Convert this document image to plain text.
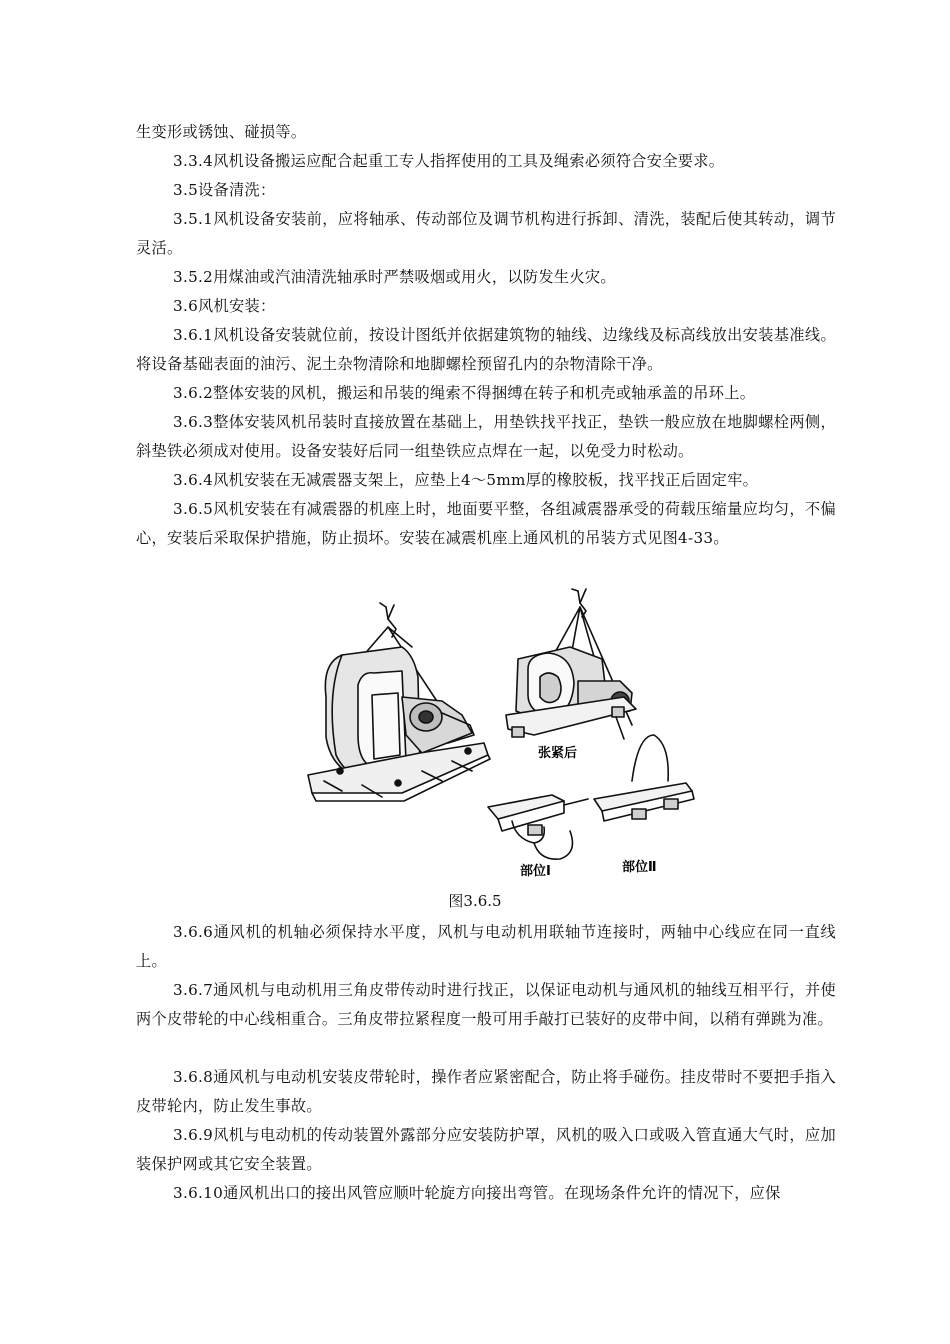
生变形或锈蚀、碰损等。
3.3.4风机设备搬运应配合起重工专人指挥使用的工具及绳索必须符合安全要求。
3.5设备清洗：
3.5.1风机设备安装前，应将轴承、传动部位及调节机构进行拆卸、清洗，装配后使其转动，调节灵活。
3.5.2用煤油或汽油清洗轴承时严禁吸烟或用火，以防发生火灾。
3.6风机安装：
3.6.1风机设备安装就位前，按设计图纸并依据建筑物的轴线、边缘线及标高线放出安装基准线。将设备基础表面的油污、泥土杂物清除和地脚螺栓预留孔内的杂物清除干净。
3.6.2整体安装的风机，搬运和吊装的绳索不得捆缚在转子和机壳或轴承盖的吊环上。
3.6.3整体安装风机吊装时直接放置在基础上，用垫铁找平找正，垫铁一般应放在地脚螺栓两侧，斜垫铁必须成对使用。设备安装好后同一组垫铁应点焊在一起，以免受力时松动。
3.6.4风机安装在无减震器支架上，应垫上4～5mm厚的橡胶板，找平找正后固定牢。
3.6.5风机安装在有减震器的机座上时，地面要平整，各组减震器承受的荷载压缩量应均匀，不偏心，安装后采取保护措施，防止损坏。安装在减震机座上通风机的吊装方式见图4-33。
张紧后
部位Ⅰ	部位Ⅱ
图3.6.5
3.6.6通风机的机轴必须保持水平度，风机与电动机用联轴节连接时，两轴中心线应在同一直线上。
3.6.7通风机与电动机用三角皮带传动时进行找正，以保证电动机与通风机的轴线互相平行，并使两个皮带轮的中心线相重合。三角皮带拉紧程度一般可用手敲打已装好的皮带中间，以稍有弹跳为准。
3.6.8通风机与电动机安装皮带轮时，操作者应紧密配合，防止将手碰伤。挂皮带时不要把手指入皮带轮内，防止发生事故。
3.6.9风机与电动机的传动装置外露部分应安装防护罩，风机的吸入口或吸入管直通大气时，应加装保护网或其它安全装置。
3.6.10通风机出口的接出风管应顺叶轮旋方向接出弯管。在现场条件允许的情况下，应保
